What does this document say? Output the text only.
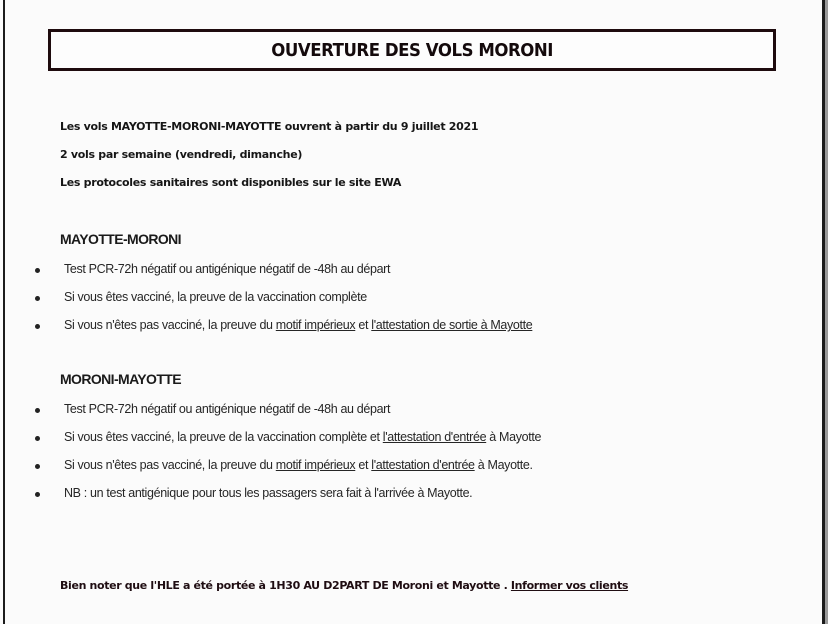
OUVERTURE DES VOLS MORONI
Les vols MAYOTTE-MORONI-MAYOTTE ouvrent à partir du 9 juillet 2021
2 vols par semaine (vendredi, dimanche)
Les protocoles sanitaires sont disponibles sur le site EWA
MAYOTTE-MORONI
Test PCR-72h négatif ou antigénique négatif de -48h au départ
Si vous êtes vacciné, la preuve de la vaccination complète
Si vous n'êtes pas vacciné, la preuve du motif impérieux et l'attestation de sortie à Mayotte
MORONI-MAYOTTE
Test PCR-72h négatif ou antigénique négatif de -48h au départ
Si vous êtes vacciné, la preuve de la vaccination complète et l'attestation d'entrée à Mayotte
Si vous n'êtes pas vacciné, la preuve du motif impérieux et l'attestation d'entrée à Mayotte.
NB : un test antigénique pour tous les passagers sera fait à l'arrivée à Mayotte.
Bien noter que l'HLE a été portée à 1H30 AU D2PART DE Moroni et Mayotte . Informer vos clients
